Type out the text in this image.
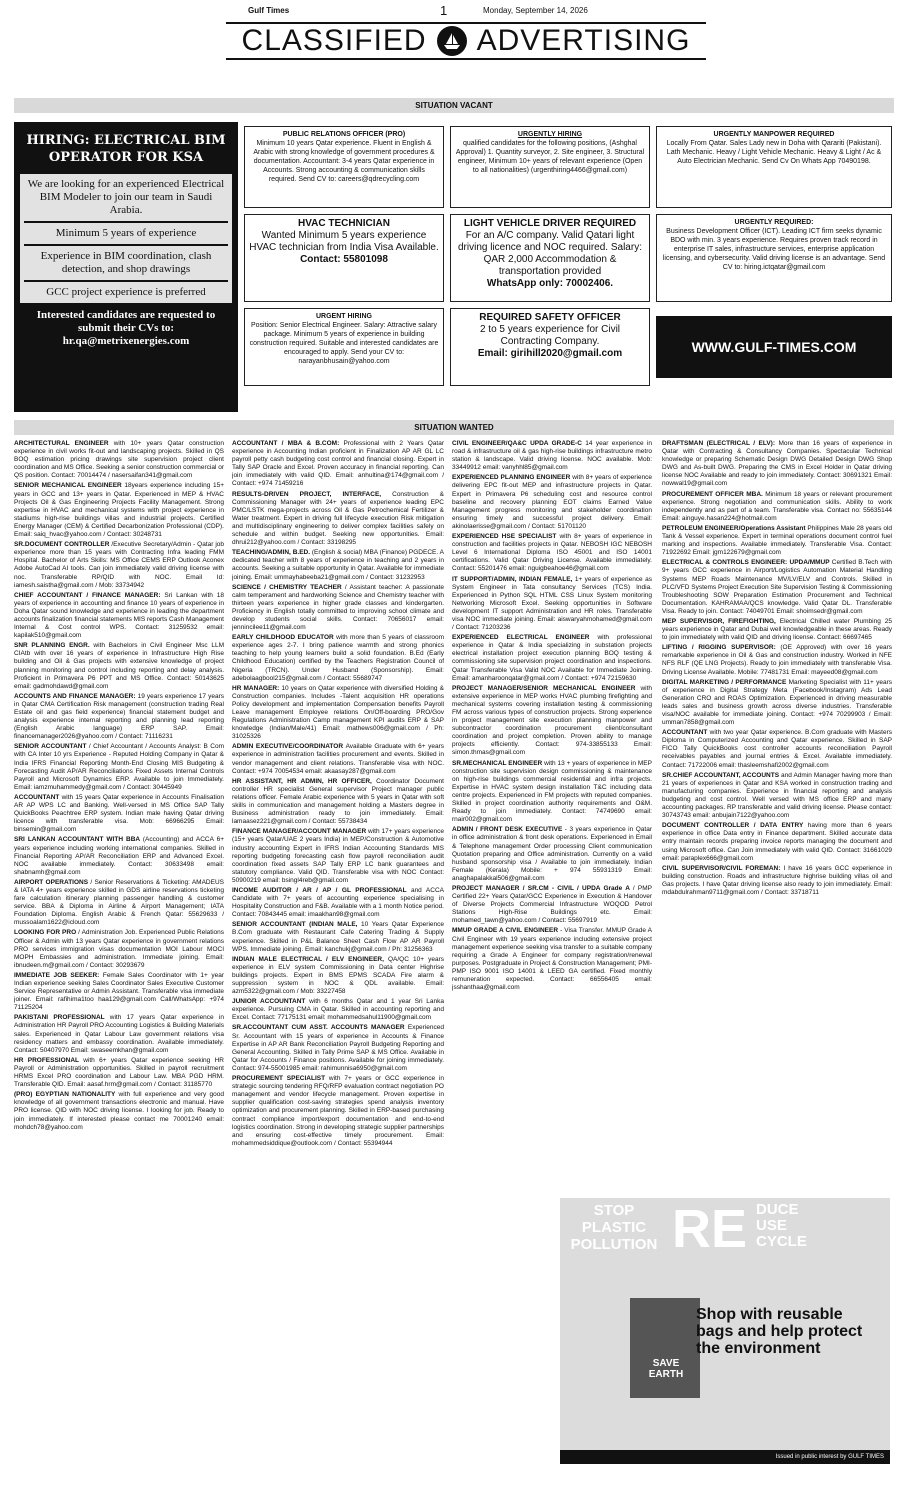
Gulf Times	1	Monday, September 14, 2026
CLASSIFIED ADVERTISING
SITUATION VACANT
HIRING: ELECTRICAL BIM OPERATOR FOR KSA
We are looking for an experienced Electrical BIM Modeler to join our team in Saudi Arabia.
Minimum 5 years of experience
Experience in BIM coordination, clash detection, and shop drawings
GCC project experience is preferred
Interested candidates are requested to submit their CVs to: hr.qa@metrixenergies.com
PUBLIC RELATIONS OFFICER (PRO)
Minimum 10 years Qatar experience. Fluent in English & Arabic with strong knowledge of government procedures & documentation. Accountant: 3-4 years Qatar experience in Accounts. Strong accounting & communication skills required. Send CV to: careers@qdrecycling.com
URGENTLY HIRING
qualified candidates for the following positions, (Ashghal Approval) 1. Quantity surveyor, 2. Site engineer, 3. Structural engineer, Minimum 10+ years of relevant experience (Open to all nationalities) (urgenthiring4466@gmail.com)
URGENTLY MANPOWER REQUIRED
Locally From Qatar. Sales Lady new in Doha with Qarariti (Pakistani). Lath Mechanic. Heavy / Light Vehicle Mechanic. Heavy & Light / Ac & Auto Electrician Mechanic. Send Cv On Whats App 70490198.
HVAC TECHNICIAN
Wanted Minimum 5 years experience HVAC technician from India Visa Available.
Contact: 55801098
LIGHT VEHICLE DRIVER REQUIRED
For an A/C company. Valid Qatari light driving licence and NOC required. Salary: QAR 2,000 Accommodation & transportation provided
WhatsApp only: 70002406.
URGENTLY REQUIRED:
Business Development Officer (ICT). Leading ICT firm seeks dynamic BDO with min. 3 years experience. Requires proven track record in enterprise IT sales, infrastructure services, enterprise application licensing, and cybersecurity. Valid driving license is an advantage. Send CV to: hiring.ictqatar@gmail.com
URGENT HIRING
Position: Senior Electrical Engineer. Salary: Attractive salary package. Minimum 5 years of experience in building construction required. Suitable and interested candidates are encouraged to apply. Send your CV to: narayanbhusain@yahoo.com
REQUIRED SAFETY OFFICER
2 to 5 years experience for Civil Contracting Company.
Email: girihill2020@gmail.com	WWW.GULF-TIMES.COM
SITUATION WANTED

ARCHITECTURAL ENGINEER with 10+ years Qatar construction experience in civil works fit-out and landscaping projects. Skilled in QS BOQ estimation pricing drawings site supervision project client coordination and MS Office. Seeking a senior construction commercial or QS position. Contact: 70014474 / nasersaifan341@gmail.com

SENIOR MECHANICAL ENGINEER 18years experience including 15+ years in GCC and 13+ years in Qatar. Experienced in MEP & HVAC Projects Oil & Gas Engineering Projects Facility Management. Strong expertise in HVAC and mechanical systems with project experience in stadiums high-rise buildings villas and industrial projects. Certified Energy Manager (CEM) & Certified Decarbonization Professional (CDP). Email: saiq_hvac@yahoo.com / Contact: 30248731

SR.DOCUMENT CONTROLLER /Executive Secretary/Admin - Qatar job experience more than 15 years with Contracting Infra leading FMM Hospital. Bachelor of Arts Skills: MS Office CEMS ERP Outlook Aconex Adobe AutoCad AI tools. Can join immediately valid driving license with noc. Transferable RP/QID with NOC. Email Id: iamesh.saistha@gmail.com / Mob: 33734942

CHIEF ACCOUNTANT / FINANCE MANAGER: Sri Lankan with 18 years of experience in accounting and finance 10 years of experience in Doha Qatar sound knowledge and experience in leading the department accounts finalization financial statements MIS reports Cash Management Internal & Cost control WPS. Contact: 31259532 email: kapilak510@gmail.com

SNR PLANNING ENGR. with Bachelors in Civil Engineer Msc LLM CIAtb with over 16 years of experience in Infrastructure High Rise building and Oil & Gas projects with extensive knowledge of project planning monitoring and control including reporting and delay analysis. Proficient in Primavera P6 PPT and MS Office. Contact: 50143625 email: gadmohdawd@gmail.com

ACCOUNTS AND FINANCE MANAGER: 19 years experience 17 years in Qatar CMA Certification Risk management (construction trading Real Estate oil and gas field experience) financial statement budget and analysis experience internal reporting and planning lead reporting (English Arabic language) ERP SAP. Email: financemanager2026@yahoo.com / Contact: 71116231

SENIOR ACCOUNTANT / Chief Accountant / Accounts Analyst: B Com with CA Inter 10 yrs Experience - Reputed Holding Company in Qatar & India IFRS Financial Reporting Month-End Closing MIS Budgeting & Forecasting Audit AP/AR Reconciliations Fixed Assets Internal Controls Payroll and Microsoft Dynamics ERP. Available to join Immediately. Email: iamzmuhammedy@gmail.com / Contact: 30445949

ACCOUNTANT with 15 years Qatar experience in Accounts Finalisation AR AP WPS LC and Banking. Well-versed in MS Office SAP Tally QuickBooks Peachtree ERP system. Indian male having Qatar driving licence with transferable visa. Mob: 66966295 Email: binsemin@gmail.com

SRI LANKAN ACCOUNTANT WITH BBA (Accounting) and ACCA 6+ years experience including working international companies. Skilled in Financial Reporting AP/AR Reconciliation ERP and Advanced Excel. NOC available immediately. Contact: 30633498 email: shabnamh@gmail.com

AIRPORT OPERATIONS / Senior Reservations & Ticketing: AMADEUS & IATA 4+ years experience skilled in GDS airline reservations ticketing fare calculation itinerary planning passenger handling & customer service. BBA & Diploma in Airline & Airport Management; IATA Foundation Diploma. English Arabic & French Qatar: 55629633 / mussoalam1622@icloud.com

LOOKING FOR PRO / Administration Job. Experienced Public Relations Officer & Admin with 13 years Qatar experience in government relations PRO services immigration visas documentation MOI Labour MOCI MOPH Embassies and administration. Immediate joining. Email: ibnudeen.m@gmail.com / Contact: 30293679

IMMEDIATE JOB SEEKER: Female Sales Coordinator with 1+ year Indian experience seeking Sales Coordinator Sales Executive Customer Service Representative or Admin Assistant. Transferable visa immediate joiner. Email: rafihima1too haa129@gmail.com Call/WhatsApp: +974 71125204

PAKISTANI PROFESSIONAL with 17 years Qatar experience in Administration HR Payroll PRO Accounting Logistics & Building Materials sales. Experienced in Qatar Labour Law government relations visa residency matters and embassy coordination. Available immediately. Contact: 50407970 Email: swaseemkhan@gmail.com

HR PROFESSIONAL with 6+ years Qatar experience seeking HR Payroll or Administration opportunities. Skilled in payroll recruitment HRMS Excel PRO coordination and Labour Law. MBA PGD HRM. Transferable QID. Email: aasaf.hrm@gmail.com / Contact: 31185770

(PRO) EGYPTIAN NATIONALITY with full experience and very good knowledge of all government transactions electronic and manual. Have PRO license. QID with NOC driving license. I looking for job. Ready to join immediately. If interested please contact me 70001240 email: mohdch78@yahoo.com

ACCOUNTANT / MBA & B.COM: Professional with 2 Years Qatar experience in Accounting Indian proficient in Finalization AP AR GL LC payroll petty cash budgeting cost control and financial closing. Expert in Tally SAP Oracle and Excel. Proven accuracy in financial reporting. Can join immediately with valid QID. Email: anhultina@174@gmail.com / Contact: +974 71459216

RESULTS-DRIVEN PROJECT, INTERFACE, Construction & Commissioning Manager with 24+ years of experience leading EPC PMC/LSTK mega-projects across Oil & Gas Petrochemical Fertilizer & Water treatment. Expert in driving full lifecycle execution Risk mitigation and multidisciplinary engineering to deliver complex facilities safely on schedule and within budget. Seeking new opportunities. Email: dhrui212@yahoo.com / Contact: 33198295

TEACHING/ADMIN, B.ED. (English & social) MBA (Finance) PGDECE. A dedicated teacher with 8 years of experience in teaching and 2 years in accounts. Seeking a suitable opportunity in Qatar. Available for immediate joining. Email: ummayhabeeba21@gmail.com / Contact: 31232953

SCIENCE / CHEMISTRY TEACHER / Assistant teacher: A passionate calm temperament and hardworking Science and Chemistry teacher with thirteen years experience in higher grade classes and kindergarten. Proficiency in English totally committed to improving school climate and develop students social skills. Contact: 70656017 email: jennincilee11@gmail.com

EARLY CHILDHOOD EDUCATOR with more than 5 years of classroom experience ages 2-7. I bring patience warmth and strong phonics teaching to help young learners build a solid foundation. B.Ed (Early Childhood Education) certified by the Teachers Registration Council of Nigeria (TRCN). Under Husband (Sponsorship). Email: adebolaagbool215@gmail.com / Contact: 55689747

HR MANAGER: 10 years on Qatar experience with diversified Holding & Construction companies. Includes -Talent acquisition HR operations Policy development and implementation Compensation benefits Payroll Leave management Employee relations On/Off-boarding PRO/Gov Regulations Administration Camp management KPI audits ERP & SAP knowledge (Indian/Male/41) Email: mathews006@gmail.com / Ph: 31025326

ADMIN EXECUTIVE/COORDINATOR Available Graduate with 6+ years experience in administration facilities procurement and events. Skilled in vendor management and client relations. Transferable visa with NOC. Contact: +974 70054534 email: akaasay287@gmail.com

HR ASSISTANT, HR ADMIN, HR OFFICER, Coordinator Document controller HR specialist General supervisor Project manager public relations officer. Female Arabic experience with 5 years in Qatar with soft skills in communication and management holding a Masters degree in Business administration ready to join immediately. Email: lamaasez221@gmail.com / Contact: 55738434

FINANCE MANAGER/ACCOUNT MANAGER with 17+ years experience (15+ years Qatar/UAE 2 years India) in MEP/Construction & Automotive industry accounting Expert in IFRS Indian Accounting Standards MIS reporting budgeting forecasting cash flow payroll reconciliation audit coordination fixed assets SAP Tally ERP LC bank guarantees and statutory compliance. Valid QID. Transferable visa with NOC Contact: 50900219 email: bsingl4reb@gmail.com

INCOME AUDITOR / AR / AP / GL PROFESSIONAL and ACCA Candidate with 7+ years of accounting experience specialising in Hospitality Construction and F&B. Available with a 1 month Notice period. Contact: 70843445 email: imaakhan98@gmail.com

SENIOR ACCOUNTANT (INDIAN MALE, 10 Years Qatar Experience B.Com graduate with Restaurant Cafe Catering Trading & Supply experience. Skilled in P&L Balance Sheet Cash Flow AP AR Payroll WPS. Immediate joining. Email: kanchukj@gmail.com / Ph: 31256363

INDIAN MALE ELECTRICAL / ELV ENGINEER, QA/QC 10+ years experience in ELV system Commissioning in Data center Highrise buildings projects. Expert in BMS EPMS SCADA Fire alarm & suppression system in NOC & QDL available. Email: azm5322@gmail.com / Mob: 33227458

JUNIOR ACCOUNTANT with 6 months Qatar and 1 year Sri Lanka experience. Pursuing CMA in Qatar. Skilled in accounting reporting and Excel. Contact: 77175131 email: mohammedsahul11900@gmail.com

SR.ACCOUNTANT CUM ASST. ACCOUNTS MANAGER Experienced Sr. Accountant with 15 years of experience in Accounts & Finance Expertise in AP AR Bank Reconciliation Payroll Budgeting Reporting and General Accounting. Skilled in Tally Prime SAP & MS Office. Available in Qatar for Accounts / Finance positions. Available for joining immediately. Contact: 974-55001985 email: rahimunnisa6950@gmail.com

PROCUREMENT SPECIALIST with 7+ years or GCC experience in strategic sourcing tendering RFQ/RFP evaluation contract negotiation PO management and vendor lifecycle management. Proven expertise in supplier qualification cost-saving strategies spend analysis inventory optimization and procurement planning. Skilled in ERP-based purchasing contract compliance import/export documentation and end-to-end logistics coordination. Strong in developing strategic supplier partnerships and ensuring cost-effective timely procurement. Email: mohammedsiddique@outlook.com / Contact: 55394944

CIVIL ENGINEER/QA&C UPDA GRADE-C 14 year experience in road & infrastructure oil & gas high-rise buildings infrastructure metro station & landscape. Valid driving license. NOC available. Mob: 33449912 email: vanyhhl85@gmail.com

EXPERIENCED PLANNING ENGINEER with 8+ years of experience delivering EPC fit-out MEP and infrastructure projects in Qatar. Expert in Primavera P6 scheduling cost and resource control baseline and recovery planning EOT claims Earned Value Management progress monitoring and stakeholder coordination ensuring timely and successful project delivery. Email: akinolaerisse@gmail.com / Contact: 51701120

EXPERIENCED HSE SPECIALIST with 8+ years of experience in construction and facilities projects in Qatar. NEBOSH IGC NEBOSH Level 6 International Diploma ISO 45001 and ISO 14001 certifications. Valid Qatar Driving License. Available immediately. Contact: 55201476 email: nguigbeahoe46@gmail.com

IT SUPPORT/ADMIN, INDIAN FEMALE, 1+ years of experience as System Engineer in Tata consultancy Services (TCS) India. Experienced in Python SQL HTML CSS Linux System monitoring Networking Microsoft Excel. Seeking opportunities in Software development IT support Administration and HR roles. Transferable visa NOC immediate joining. Email: aiswaryahmohamed@gmail.com / Contact: 71203236

EXPERIENCED ELECTRICAL ENGINEER with professional experience in Qatar & India specializing in substation projects electrical installation project execution planning BOQ testing & commissioning site supervision project coordination and inspections. Qatar Transferable Visa Valid NOC Available for Immediate Joining. Email: amanharoonqatar@gmail.com / Contact: +974 72159630

PROJECT MANAGER/SENIOR MECHANICAL ENGINEER with extensive experience in MEP works HVAC plumbing firefighting and mechanical systems covering installation testing & commissioning FM across various types of construction projects. Strong experience in project management site execution planning manpower and subcontractor coordination procurement client/consultant coordination and project completion. Proven ability to manage projects efficiently. Contact: 974-33855133 Email: simon.thmas@gmail.com

SR.MECHANICAL ENGINEER with 13 + years of experience in MEP construction site supervision design commissioning & maintenance on high-rise buildings commercial residential and infra projects. Expertise in HVAC system design installation T&C including data centre projects. Experienced in FM projects with reputed companies. Skilled in project coordination authority requirements and O&M. Ready to join immediately. Contact: 74749690 email: rnair002@gmail.com

ADMIN / FRONT DESK EXECUTIVE - 3 years experience in Qatar in office administration & front desk operations. Experienced in Email & Telephone management Order processing Client communication Quotation preparing and Office administration. Currently on a valid husband sponsorship visa / Available to join immediately. Indian Female (Kerala) Mobile: + 974 55931319 Email: anaghapalakkal506@gmail.com

PROJECT MANAGER / SR.CM - CIVIL / UPDA Grade A / PMP Certified 22+ Years Qatar/GCC Experience in Execution & Handover of Diverse Projects Commercial Infrastructure WOQOD Petrol Stations High-Rise Buildings etc. Email: mohamed_tawn@yahoo.com / Contact: 55697919

MMUP GRADE A CIVIL ENGINEER - Visa Transfer. MMUP Grade A Civil Engineer with 19 years experience including extensive project management experience seeking visa transfer to a suitable company requiring a Grade A Engineer for company registration/renewal purposes. Postgraduate in Project & Construction Management; PMI-PMP ISO 9001 ISO 14001 & LEED GA certified. Fixed monthly remuneration expected. Contact: 66556405 email: jsshanthaa@gmail.com

DRAFTSMAN (ELECTRICAL / ELV): More than 16 years of experience in Qatar with Contracting & Consultancy Companies. Spectacular Technical knowledge or preparing Schematic Design DWG Detailed Design DWG Shop DWG and As-built DWG. Preparing the CMS in Excel Holder in Qatar driving license NOC Available and ready to join immediately. Contact: 30691321 Email: nowwal19@gmail.com

PROCUREMENT OFFICER MBA. Minimum 18 years or relevant procurement experience. Strong negotiation and communication skills. Ability to work independently and as part of a team. Transferable visa. Contact no: 55635144 Email: ainguye.hasan224@hotmail.com

PETROLEUM ENGINEER/Operations Assistant Philippines Male 28 years old Tank & Vessel experience. Expert in terminal operations document control fuel marking and inspections. Available immediately. Transferable Visa. Contact: 71922692 Email: jgm122679@gmail.com

ELECTRICAL & CONTROLS ENGINEER: UPDA/MMUP Certified B.Tech with 9+ years GCC experience in Airport/Logistics Automation Material Handling Systems MEP Roads Maintenance MV/LV/ELV and Controls. Skilled in PLC/VFD Systems Project Execution Site Supervision Testing & Commissioning Troubleshooting SOW Preparation Estimation Procurement and Technical Documentation. KAHRAMAA/QCS knowledge. Valid Qatar DL. Transferable Visa. Ready to join. Contact: 74049701 Email: shoimsedr@gmail.com

MEP SUPERVISOR, FIREFIGHTING, Electrical Chilled water Plumbing 25 years experience in Qatar and Dubai well knowledgeable in these areas. Ready to join immediately with valid QID and driving license. Contact: 66697465

LIFTING / RIGGING SUPERVISOR: (OE Approved) with over 16 years remarkable experience in Oil & Gas and construction industry. Worked in NFE NFS RLF (QE LNG Projects). Ready to join immediately with transferable Visa. Driving License Available. Mobile: 77481731 Email: mayeed08@gmail.com

DIGITAL MARKETING / PERFORMANCE Marketing Specialist with 11+ years of experience in Digital Strategy Meta (Facebook/Instagram) Ads Lead Generation CRO and ROAS Optimization. Experienced in driving measurable leads sales and business growth across diverse industries. Transferable visa/NOC available for immediate joining. Contact: +974 70299903 / Email: umman7858@gmail.com

ACCOUNTANT with two year Qatar experience. B.Com graduate with Masters Diploma in Computerized Accounting and Qatar experience. Skilled in SAP FICO Tally QuickBooks cost controller accounts reconciliation Payroll receivables payables and journal entries & Excel. Available immediately. Contact: 71722006 email: thasleemshafi2002@gmail.com

SR.CHIEF ACCOUNTANT, ACCOUNTS and Admin Manager having more than 21 years of experiences in Qatar and KSA worked in construction trading and manufacturing companies. Experience in financial reporting and analysis budgeting and cost control. Well versed with MS office ERP and many accounting packages. RP transferable and valid driving license. Please contact: 30743743 email: anbujain7122@yahoo.com

DOCUMENT CONTROLLER / DATA ENTRY having more than 6 years experience in office Data entry in Finance department. Skilled accurate data entry maintain records preparing invoice reports managing the document and using Microsoft office. Can Join immediately with valid QID. Contact: 31661029 email: paraplex666@gmail.com

CIVIL SUPERVISOR/CIVIL FOREMAN: I have 16 years GCC experience in building construction. Roads and infrastructure highrise building villas oil and Gas projects. I have Qatar driving license also ready to join immediately. Email: mdabdulrahman9711@gmail.com / Contact: 33718711

STOP PLASTIC POLLUTION RE DUCE
USE
CYCLE
SAVE EARTH
Shop with reusable bags and help protect the environment
Issued in public interest by GULF TIMES
